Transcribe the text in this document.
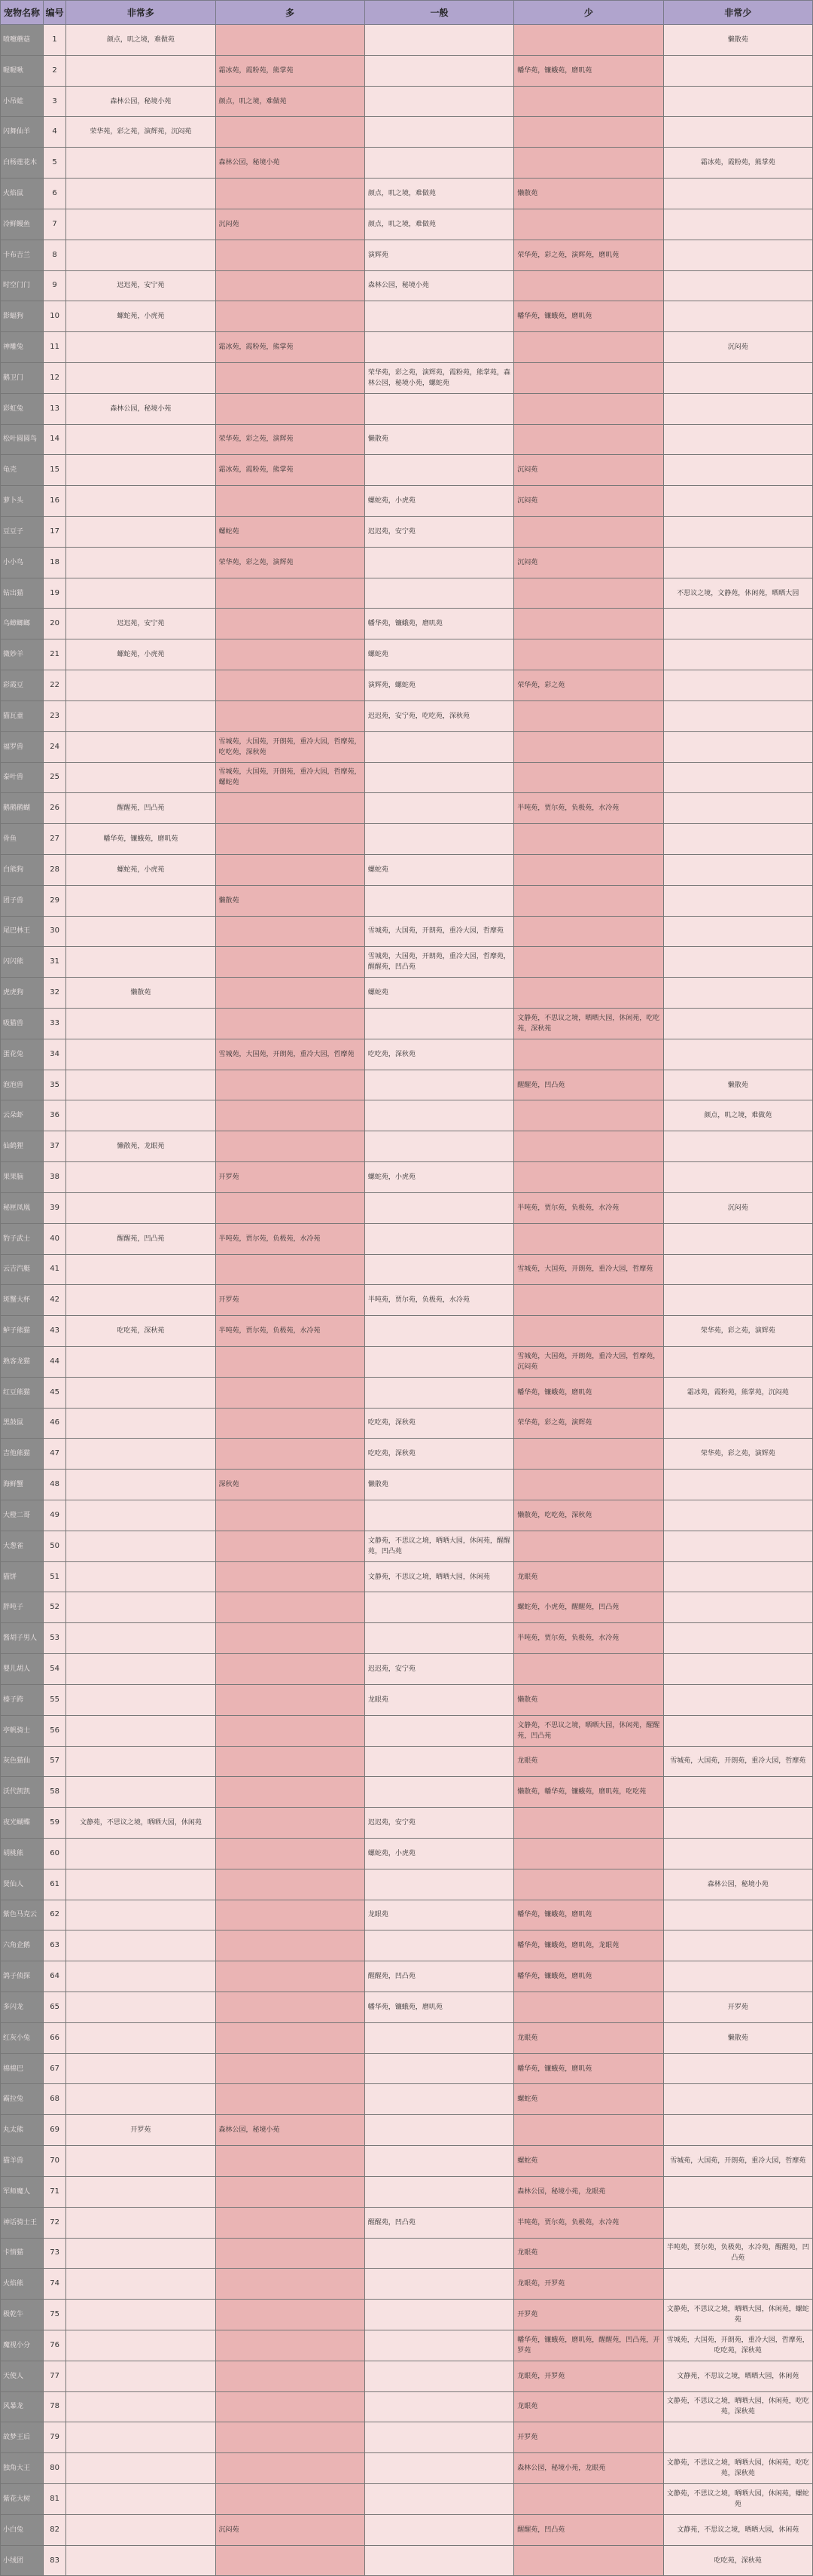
宠物名称	编号	非常多	多	一般	少	非常少
喷嚏蘑菇	1	颜点，叽之境，难做苑				懒散苑
喔喔啾	2		霜冰苑，霞粉苑，熊掌苑		幡华苑，镰蛾苑，磨叽苑	
小吊蛙	3	森林公园，秘境小苑	颜点，叽之境，难做苑			
闪舞仙羊	4	荣华苑，彩之苑，演辉苑，沉闷苑				
白杨莲花木	5		森林公园，秘境小苑			霜冰苑，霞粉苑，熊掌苑
火焰鼠	6			颜点，叽之境，难做苑	懒散苑	
冷鲜鳗鱼	7		沉闷苑	颜点，叽之境，难做苑		
卡布吉兰	8			演辉苑	荣华苑，彩之苑，演辉苑，磨叽苑	
时空门门	9	迟迟苑，安宁苑		森林公园，秘境小苑		
影蝠狗	10	螺蛇苑，小虎苑			幡华苑，镰蛾苑，磨叽苑	
神雕兔	11		霜冰苑，霞粉苑，熊掌苑			沉闷苑
鹅卫门	12			荣华苑，彩之苑，演辉苑，霞粉苑，熊掌苑，森林公园，秘境小苑，螺蛇苑		
彩虹兔	13	森林公园，秘境小苑				
松叶圆圆鸟	14		荣华苑，彩之苑，演辉苑	懒散苑		
龟壳	15		霜冰苑，霞粉苑，熊掌苑		沉闷苑	
萝卜头	16			螺蛇苑，小虎苑	沉闷苑	
豆豆子	17		螺蛇苑	迟迟苑，安宁苑		
小小鸟	18		荣华苑，彩之苑，演辉苑		沉闷苑	
钻出猫	19					不思议之境，文静苑，休闲苑，晒晒大园
乌蟑螂螂	20	迟迟苑，安宁苑		幡华苑，镰蛾苑，磨叽苑		
微妙羊	21	螺蛇苑，小虎苑		螺蛇苑		
彩霞豆	22			演辉苑，螺蛇苑	荣华苑，彩之苑	
猫瓦童	23			迟迟苑，安宁苑，吃吃苑，深秋苑		
福罗兽	24		雪城苑，大国苑，开朗苑，重冷大园，哲摩苑，吃吃苑，深秋苑			
泰叶兽	25		雪城苑，大国苑，开朗苑，重冷大园，哲摩苑，螺蛇苑			
鹅鹅鹅蝴	26	醒醒苑，凹凸苑			半吨苑，贾尔苑，负极苑，水冷苑	
骨鱼	27	幡华苑，镰蛾苑，磨叽苑				
白熊狗	28	螺蛇苑，小虎苑		螺蛇苑		
团子兽	29		懒散苑			
尾巴林王	30			雪城苑，大国苑，开朗苑，重冷大园，哲摩苑		
闪闪熊	31			雪城苑，大国苑，开朗苑，重冷大园，哲摩苑，醒醒苑，凹凸苑		
虎虎狗	32	懒散苑		螺蛇苑		
吸猫兽	33				文静苑，不思议之境，晒晒大园，休闲苑，吃吃苑，深秋苑	
蛋花兔	34		雪城苑，大国苑，开朗苑，重冷大园，哲摩苑	吃吃苑，深秋苑		
泡泡兽	35				醒醒苑，凹凸苑	懒散苑
云朵虾	36					颜点，叽之境，难做苑
仙鹤狸	37	懒散苑，龙眼苑				
果果脑	38		开罗苑	螺蛇苑，小虎苑		
秘匣凤凰	39				半吨苑，贾尔苑，负极苑，水冷苑	沉闷苑
豹子武士	40	醒醒苑，凹凸苑	半吨苑，贾尔苑，负极苑，水冷苑			
云吉汽艇	41				雪城苑，大国苑，开朗苑，重冷大园，哲摩苑	
斑蟹大杯	42		开罗苑	半吨苑，贾尔苑，负极苑，水冷苑		
鲈子熊猫	43	吃吃苑，深秋苑	半吨苑，贾尔苑，负极苑，水冷苑			荣华苑，彩之苑，演辉苑
熟客龙猫	44				雪城苑，大国苑，开朗苑，重冷大园，哲摩苑，沉闷苑	
红豆熊猫	45				幡华苑，镰蛾苑，磨叽苑	霜冰苑，霞粉苑，熊掌苑，沉闷苑
黑鼓鼠	46			吃吃苑，深秋苑	荣华苑，彩之苑，演辉苑	
吉他熊猫	47			吃吃苑，深秋苑		荣华苑，彩之苑，演辉苑
海鲜蟹	48		深秋苑	懒散苑		
大橙二哥	49				懒散苑，吃吃苑，深秋苑	
大葱雀	50			文静苑，不思议之境，晒晒大园，休闲苑，醒醒苑，凹凸苑		
猫饼	51			文静苑，不思议之境，晒晒大园，休闲苑	龙眼苑	
胖吨子	52				螺蛇苑，小虎苑，醒醒苑，凹凸苑	
酱胡子男人	53				半吨苑，贾尔苑，负极苑，水冷苑	
婴儿胡人	54			迟迟苑，安宁苑		
榛子跨	55			龙眼苑	懒散苑	
亭帆骑士	56				文静苑，不思议之境，晒晒大园，休闲苑，醒醒苑，凹凸苑	
灰色猫仙	57				龙眼苑	雪城苑，大国苑，开朗苑，重冷大园，哲摩苑
沃代凯凯	58				懒散苑，幡华苑，镰蛾苑，磨叽苑，吃吃苑	
夜光蝴蝶	59	文静苑，不思议之境，晒晒大园，休闲苑		迟迟苑，安宁苑		
胡桃熊	60			螺蛇苑，小虎苑		
贤仙人	61					森林公园，秘境小苑
紫色马克云	62			龙眼苑	幡华苑，镰蛾苑，磨叽苑	
六角企鹅	63				幡华苑，镰蛾苑，磨叽苑，龙眼苑	
鸽子侦探	64			醒醒苑，凹凸苑	幡华苑，镰蛾苑，磨叽苑	
多闪龙	65			幡华苑，镰蛾苑，磨叽苑		开罗苑
红灰小兔	66				龙眼苑	懒散苑
棉棉巴	67				幡华苑，镰蛾苑，磨叽苑	
霸拉兔	68				螺蛇苑	
丸太熊	69	开罗苑	森林公园，秘境小苑			
猫羊兽	70				螺蛇苑	雪城苑，大国苑，开朗苑，重冷大园，哲摩苑
军师魔人	71				森林公园，秘境小苑，龙眼苑	
神话骑士王	72			醒醒苑，凹凸苑	半吨苑，贾尔苑，负极苑，水冷苑	
卡情猫	73				龙眼苑	半吨苑，贾尔苑，负极苑，水冷苑，醒醒苑，凹凸苑
火焰熊	74				龙眼苑，开罗苑	
极乾牛	75				开罗苑	文静苑，不思议之境，晒晒大园，休闲苑，螺蛇苑
魔视小分	76				幡华苑，镰蛾苑，磨叽苑，醒醒苑，凹凸苑，开罗苑	雪城苑，大国苑，开朗苑，重冷大园，哲摩苑，吃吃苑，深秋苑
天使人	77				龙眼苑，开罗苑	文静苑，不思议之境，晒晒大园，休闲苑
风暴龙	78				龙眼苑	文静苑，不思议之境，晒晒大园，休闲苑，吃吃苑，深秋苑
故梦王后	79				开罗苑	
独角大王	80				森林公园，秘境小苑，龙眼苑	文静苑，不思议之境，晒晒大园，休闲苑，吃吃苑，深秋苑
紫花大树	81					文静苑，不思议之境，晒晒大园，休闲苑，螺蛇苑
小白兔	82		沉闷苑		醒醒苑，凹凸苑	文静苑，不思议之境，晒晒大园，休闲苑
小绒团	83					吃吃苑，深秋苑
